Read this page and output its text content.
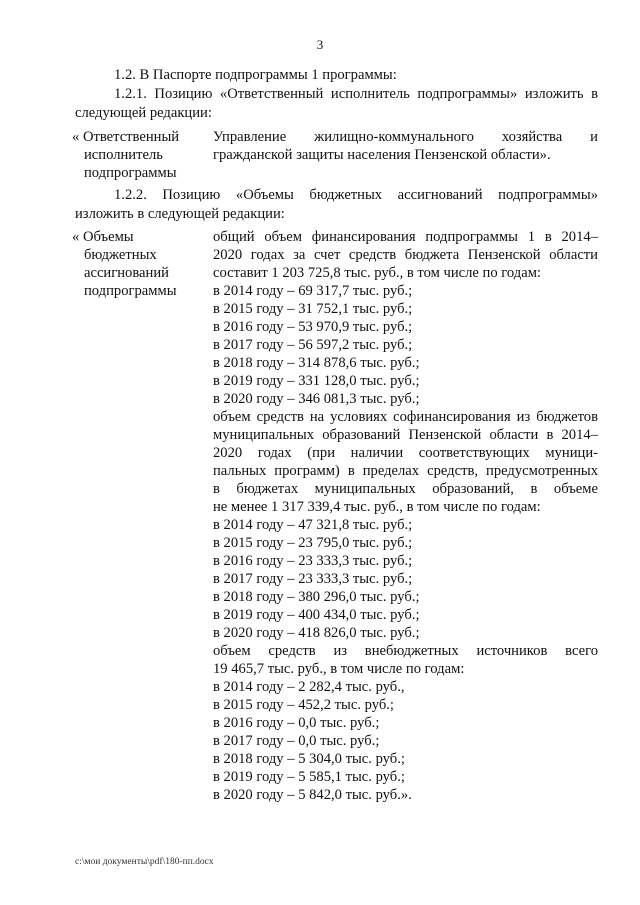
3
1.2. В Паспорте подпрограммы 1 программы:
1.2.1. Позицию «Ответственный исполнитель подпрограммы» изложить в
следующей редакции:
« Ответственный
исполнитель
подпрограммы
Управление жилищно-коммунального хозяйства и
гражданской защиты населения Пензенской области».
1.2.2. Позицию «Объемы бюджетных ассигнований подпрограммы»
изложить в следующей редакции:
« Объемы
бюджетных
ассигнований
подпрограммы
общий объем финансирования подпрограммы 1 в 2014–
2020 годах за счет средств бюджета Пензенской области
составит 1 203 725,8 тыс. руб., в том числе по годам:
в 2014 году – 69 317,7 тыс. руб.;
в 2015 году – 31 752,1 тыс. руб.;
в 2016 году – 53 970,9 тыс. руб.;
в 2017 году – 56 597,2 тыс. руб.;
в 2018 году – 314 878,6 тыс. руб.;
в 2019 году – 331 128,0 тыс. руб.;
в 2020 году – 346 081,3 тыс. руб.;
объем средств на условиях софинансирования из бюджетов
муниципальных образований Пензенской области в 2014–
2020 годах (при наличии соответствующих муници-
пальных программ) в пределах средств, предусмотренных
в бюджетах муниципальных образований, в объеме
не менее 1 317 339,4 тыс. руб., в том числе по годам:
в 2014 году – 47 321,8 тыс. руб.;
в 2015 году – 23 795,0 тыс. руб.;
в 2016 году – 23 333,3 тыс. руб.;
в 2017 году – 23 333,3 тыс. руб.;
в 2018 году – 380 296,0 тыс. руб.;
в 2019 году – 400 434,0 тыс. руб.;
в 2020 году – 418 826,0 тыс. руб.;
объем средств из внебюджетных источников всего
19 465,7 тыс. руб., в том числе по годам:
в 2014 году – 2 282,4 тыс. руб.,
в 2015 году – 452,2 тыс. руб.;
в 2016 году – 0,0 тыс. руб.;
в 2017 году – 0,0 тыс. руб.;
в 2018 году – 5 304,0 тыс. руб.;
в 2019 году – 5 585,1 тыс. руб.;
в 2020 году – 5 842,0 тыс. руб.».
c:\мои документы\pdf\180-пп.docx
